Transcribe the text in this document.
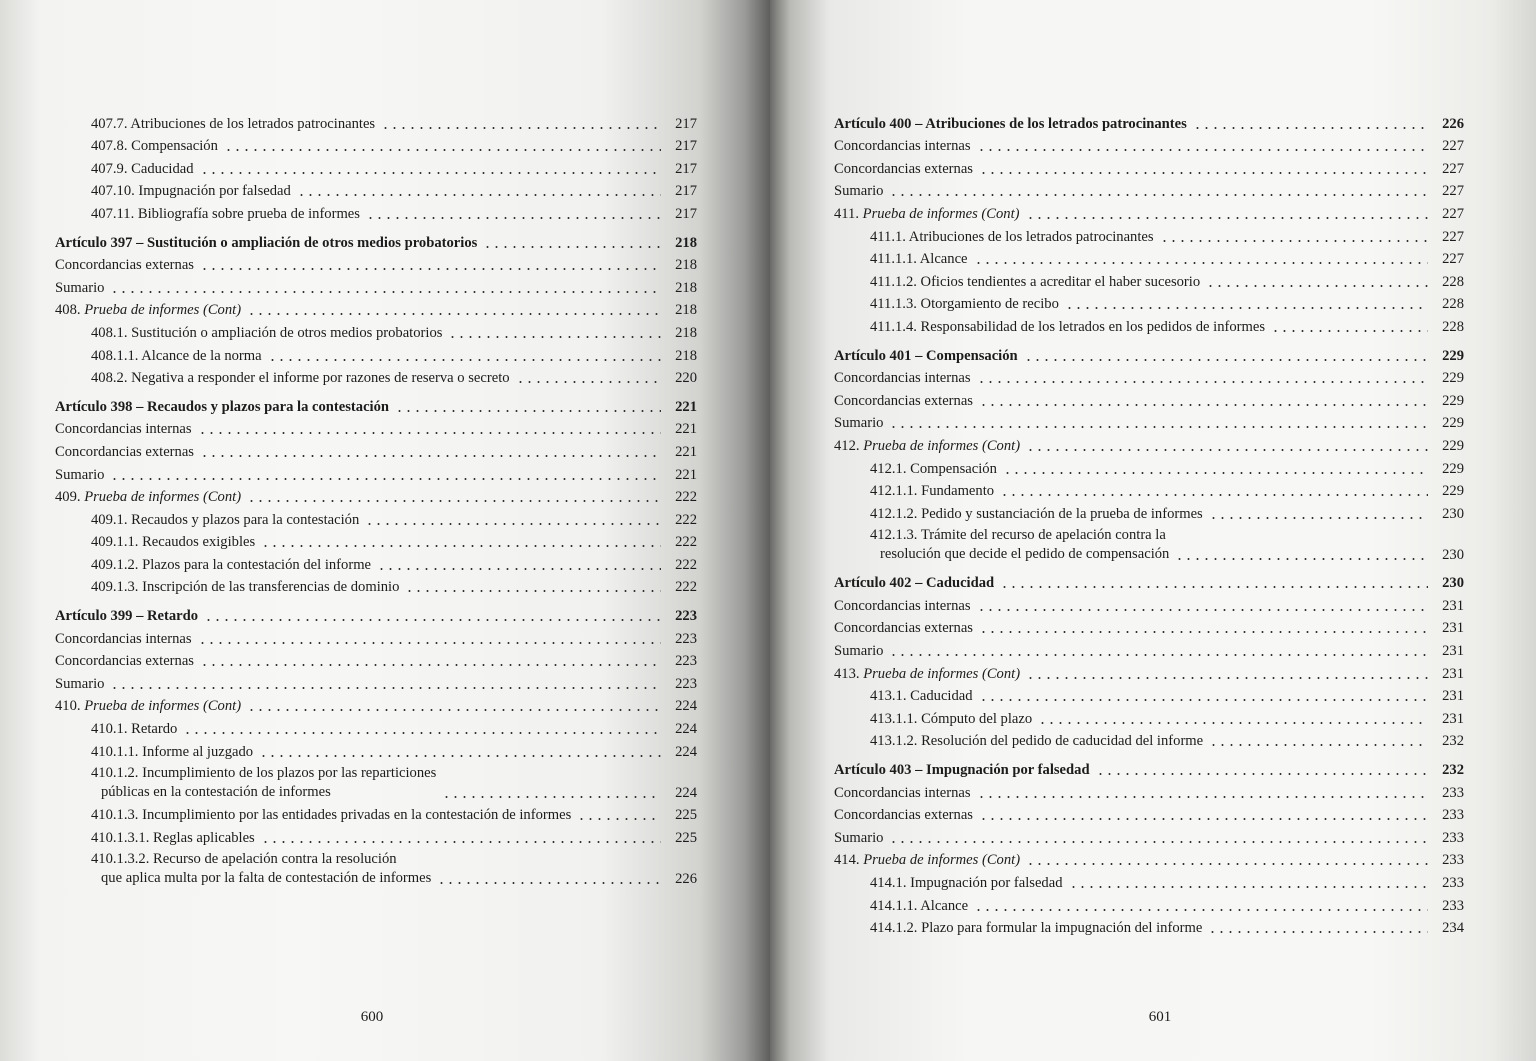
407.7. Atribuciones de los letrados patrocinantes	217
407.8. Compensación	217
407.9. Caducidad	217
407.10. Impugnación por falsedad	217
407.11. Bibliografía sobre prueba de informes	217
Artículo 397 – Sustitución o ampliación de otros medios probatorios	218
Concordancias externas	218
Sumario	218
408. Prueba de informes (Cont)	218
408.1. Sustitución o ampliación de otros medios probatorios	218
408.1.1. Alcance de la norma	218
408.2. Negativa a responder el informe por razones de reserva o secreto	220
Artículo 398 – Recaudos y plazos para la contestación	221
Concordancias internas	221
Concordancias externas	221
Sumario	221
409. Prueba de informes (Cont)	222
409.1. Recaudos y plazos para la contestación	222
409.1.1. Recaudos exigibles	222
409.1.2. Plazos para la contestación del informe	222
409.1.3. Inscripción de las transferencias de dominio	222
Artículo 399 – Retardo	223
Concordancias internas	223
Concordancias externas	223
Sumario	223
410. Prueba de informes (Cont)	224
410.1. Retardo	224
410.1.1. Informe al juzgado	224
410.1.2. Incumplimiento de los plazos por las reparticiones
públicas en la contestación de informes	224
410.1.3. Incumplimiento por las entidades privadas en la contestación de informes	225
410.1.3.1. Reglas aplicables	225
410.1.3.2. Recurso de apelación contra la resolución
que aplica multa por la falta de contestación de informes	226
600
Artículo 400 – Atribuciones de los letrados patrocinantes	226
Concordancias internas	227
Concordancias externas	227
Sumario	227
411. Prueba de informes (Cont)	227
411.1. Atribuciones de los letrados patrocinantes	227
411.1.1. Alcance	227
411.1.2. Oficios tendientes a acreditar el haber sucesorio	228
411.1.3. Otorgamiento de recibo	228
411.1.4. Responsabilidad de los letrados en los pedidos de informes	228
Artículo 401 – Compensación	229
Concordancias internas	229
Concordancias externas	229
Sumario	229
412. Prueba de informes (Cont)	229
412.1. Compensación	229
412.1.1. Fundamento	229
412.1.2. Pedido y sustanciación de la prueba de informes	230
412.1.3. Trámite del recurso de apelación contra la
resolución que decide el pedido de compensación	230
Artículo 402 – Caducidad	230
Concordancias internas	231
Concordancias externas	231
Sumario	231
413. Prueba de informes (Cont)	231
413.1. Caducidad	231
413.1.1. Cómputo del plazo	231
413.1.2. Resolución del pedido de caducidad del informe	232
Artículo 403 – Impugnación por falsedad	232
Concordancias internas	233
Concordancias externas	233
Sumario	233
414. Prueba de informes (Cont)	233
414.1. Impugnación por falsedad	233
414.1.1. Alcance	233
414.1.2. Plazo para formular la impugnación del informe	234
601
